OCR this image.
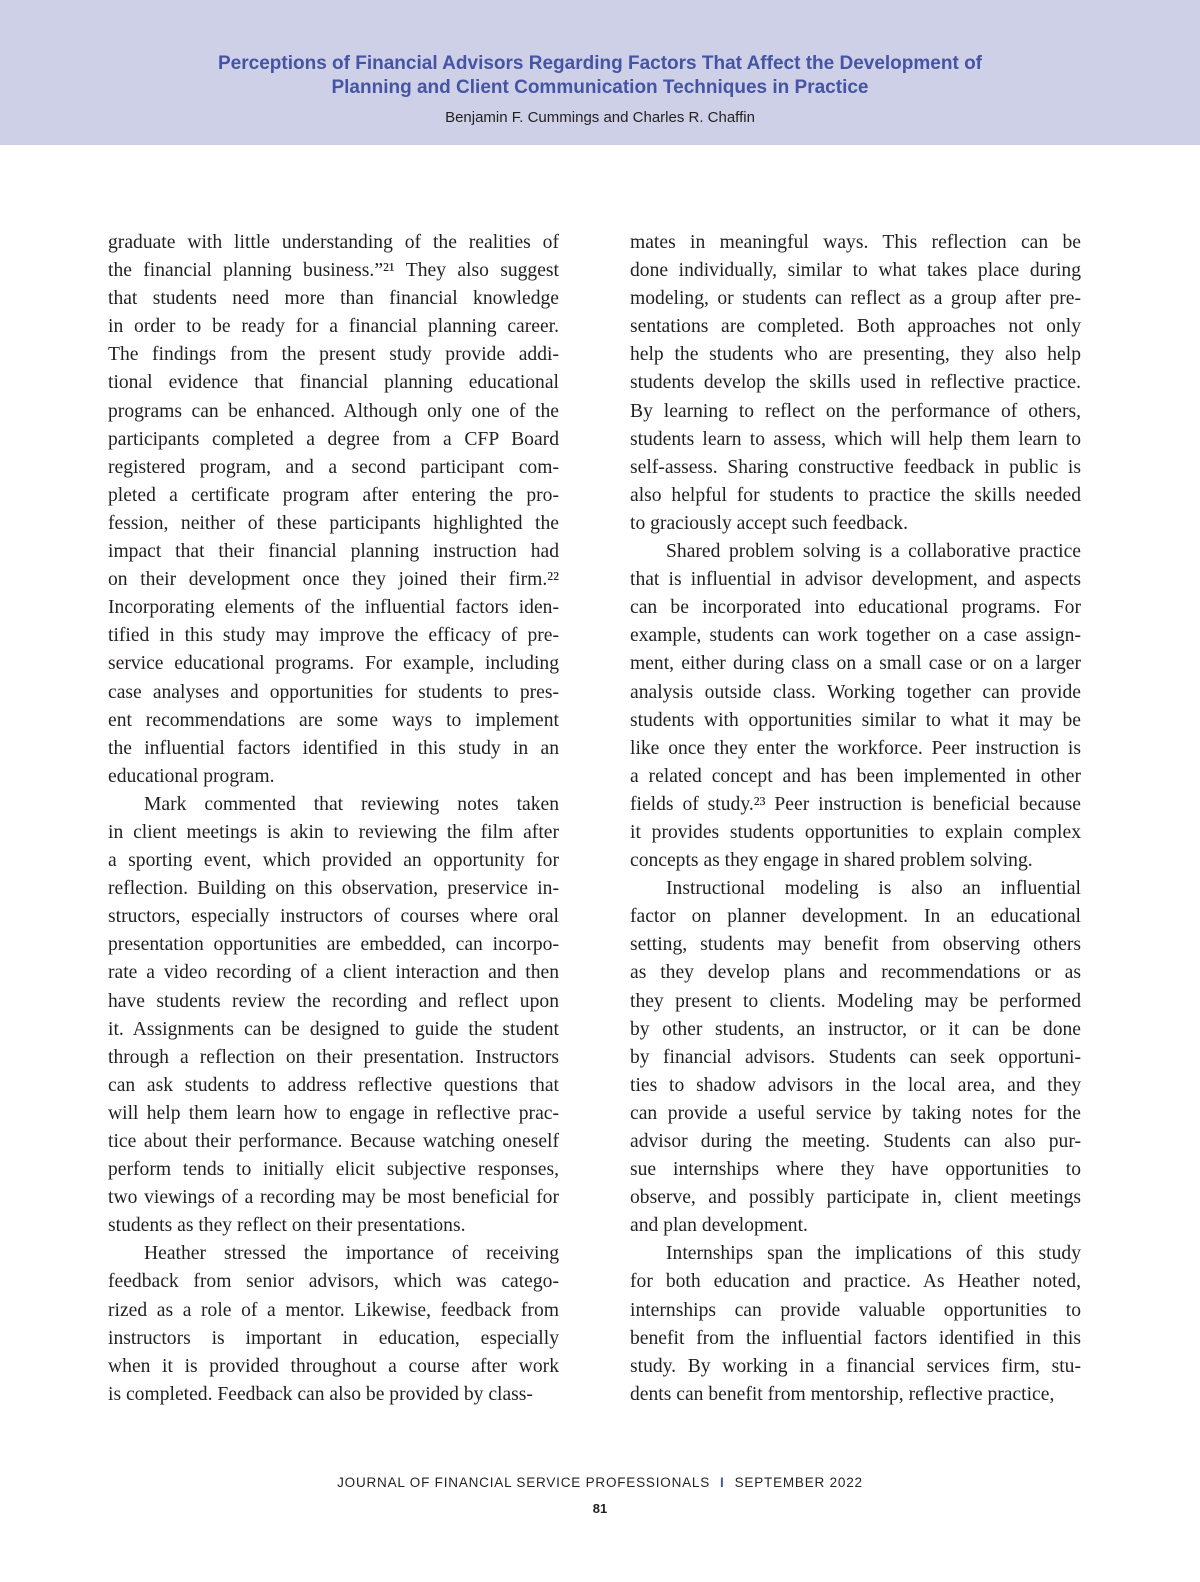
Perceptions of Financial Advisors Regarding Factors That Affect the Development of
Planning and Client Communication Techniques in Practice
Benjamin F. Cummings and Charles R. Chaffin
graduate with little understanding of the realities of
the financial planning business.”²¹ They also suggest
that students need more than financial knowledge
in order to be ready for a financial planning career.
The findings from the present study provide addi-
tional evidence that financial planning educational
programs can be enhanced. Although only one of the
participants completed a degree from a CFP Board
registered program, and a second participant com-
pleted a certificate program after entering the pro-
fession, neither of these participants highlighted the
impact that their financial planning instruction had
on their development once they joined their firm.²²
Incorporating elements of the influential factors iden-
tified in this study may improve the efficacy of pre-
service educational programs. For example, including
case analyses and opportunities for students to pres-
ent recommendations are some ways to implement
the influential factors identified in this study in an
educational program.
Mark commented that reviewing notes taken
in client meetings is akin to reviewing the film after
a sporting event, which provided an opportunity for
reflection. Building on this observation, preservice in-
structors, especially instructors of courses where oral
presentation opportunities are embedded, can incorpo-
rate a video recording of a client interaction and then
have students review the recording and reflect upon
it. Assignments can be designed to guide the student
through a reflection on their presentation. Instructors
can ask students to address reflective questions that
will help them learn how to engage in reflective prac-
tice about their performance. Because watching oneself
perform tends to initially elicit subjective responses,
two viewings of a recording may be most beneficial for
students as they reflect on their presentations.
Heather stressed the importance of receiving
feedback from senior advisors, which was catego-
rized as a role of a mentor. Likewise, feedback from
instructors is important in education, especially
when it is provided throughout a course after work
is completed. Feedback can also be provided by class-
mates in meaningful ways. This reflection can be
done individually, similar to what takes place during
modeling, or students can reflect as a group after pre-
sentations are completed. Both approaches not only
help the students who are presenting, they also help
students develop the skills used in reflective practice.
By learning to reflect on the performance of others,
students learn to assess, which will help them learn to
self-assess. Sharing constructive feedback in public is
also helpful for students to practice the skills needed
to graciously accept such feedback.
Shared problem solving is a collaborative practice
that is influential in advisor development, and aspects
can be incorporated into educational programs. For
example, students can work together on a case assign-
ment, either during class on a small case or on a larger
analysis outside class. Working together can provide
students with opportunities similar to what it may be
like once they enter the workforce. Peer instruction is
a related concept and has been implemented in other
fields of study.²³ Peer instruction is beneficial because
it provides students opportunities to explain complex
concepts as they engage in shared problem solving.
Instructional modeling is also an influential
factor on planner development. In an educational
setting, students may benefit from observing others
as they develop plans and recommendations or as
they present to clients. Modeling may be performed
by other students, an instructor, or it can be done
by financial advisors. Students can seek opportuni-
ties to shadow advisors in the local area, and they
can provide a useful service by taking notes for the
advisor during the meeting. Students can also pur-
sue internships where they have opportunities to
observe, and possibly participate in, client meetings
and plan development.
Internships span the implications of this study
for both education and practice. As Heather noted,
internships can provide valuable opportunities to
benefit from the influential factors identified in this
study. By working in a financial services firm, stu-
dents can benefit from mentorship, reflective practice,
JOURNAL OF FINANCIAL SERVICE PROFESSIONALS I SEPTEMBER 2022
81
